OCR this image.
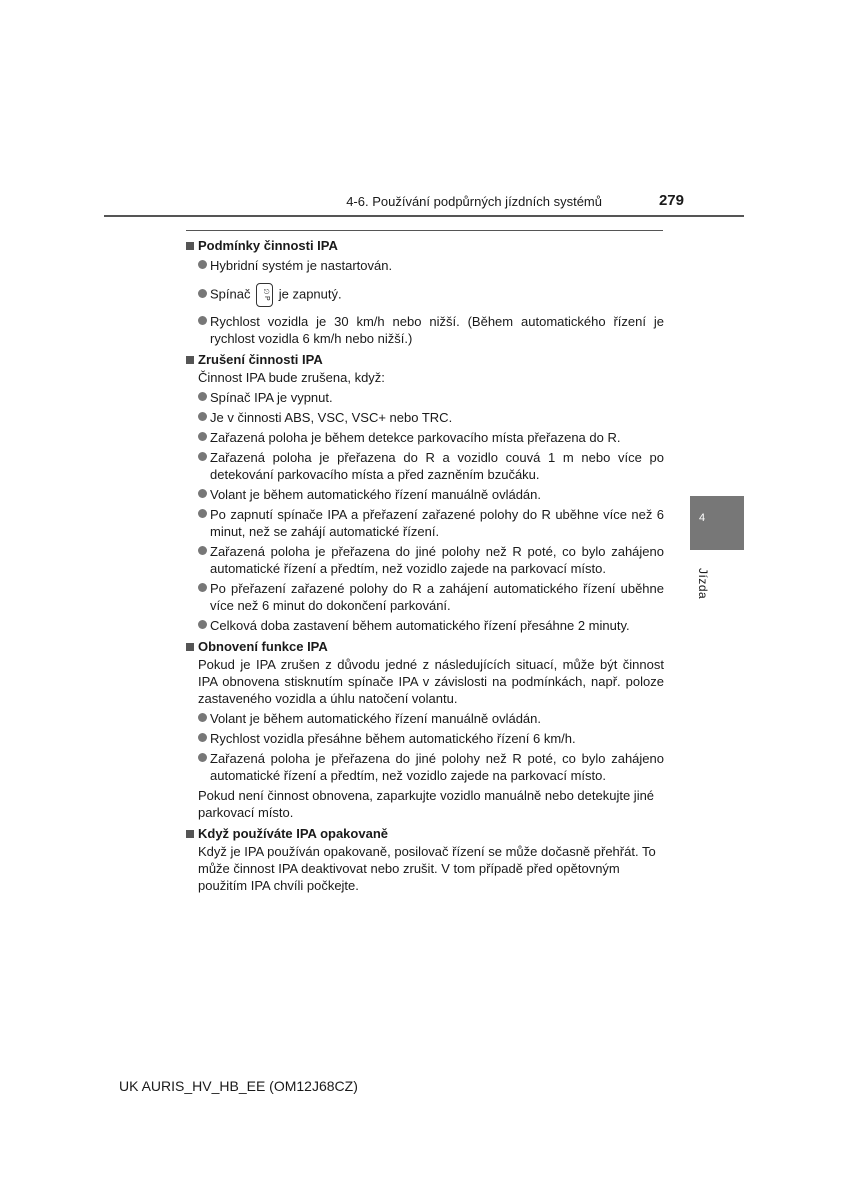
4-6. Používání podpůrných jízdních systémů	279
Podmínky činnosti IPA
Hybridní systém je nastartován.
Spínač	⎋P je zapnutý.
Rychlost vozidla je 30 km/h nebo nižší. (Během automatického řízení je rychlost vozidla 6 km/h nebo nižší.)
Zrušení činnosti IPA
Činnost IPA bude zrušena, když:
Spínač IPA je vypnut.
Je v činnosti ABS, VSC, VSC+ nebo TRC.
Zařazená poloha je během detekce parkovacího místa přeřazena do R.
Zařazená poloha je přeřazena do R a vozidlo couvá 1 m nebo více po detekování parkovacího místa a před zazněním bzučáku.
Volant je během automatického řízení manuálně ovládán.
Po zapnutí spínače IPA a přeřazení zařazené polohy do R uběhne více než 6 minut, než se zahájí automatické řízení.
Zařazená poloha je přeřazena do jiné polohy než R poté, co bylo zahájeno automatické řízení a předtím, než vozidlo zajede na parkovací místo.
Po přeřazení zařazené polohy do R a zahájení automatického řízení uběhne více než 6 minut do dokončení parkování.
Celková doba zastavení během automatického řízení přesáhne 2 minuty.
Obnovení funkce IPA
Pokud je IPA zrušen z důvodu jedné z následujících situací, může být činnost IPA obnovena stisknutím spínače IPA v závislosti na podmínkách, např. poloze zastaveného vozidla a úhlu natočení volantu.
Volant je během automatického řízení manuálně ovládán.
Rychlost vozidla přesáhne během automatického řízení 6 km/h.
Zařazená poloha je přeřazena do jiné polohy než R poté, co bylo zahájeno automatické řízení a předtím, než vozidlo zajede na parkovací místo.
Pokud není činnost obnovena, zaparkujte vozidlo manuálně nebo detekujte jiné parkovací místo.
Když používáte IPA opakovaně
Když je IPA používán opakovaně, posilovač řízení se může dočasně přehřát. To může činnost IPA deaktivovat nebo zrušit. V tom případě před opětovným použitím IPA chvíli počkejte.
4
Jízda
UK AURIS_HV_HB_EE (OM12J68CZ)
